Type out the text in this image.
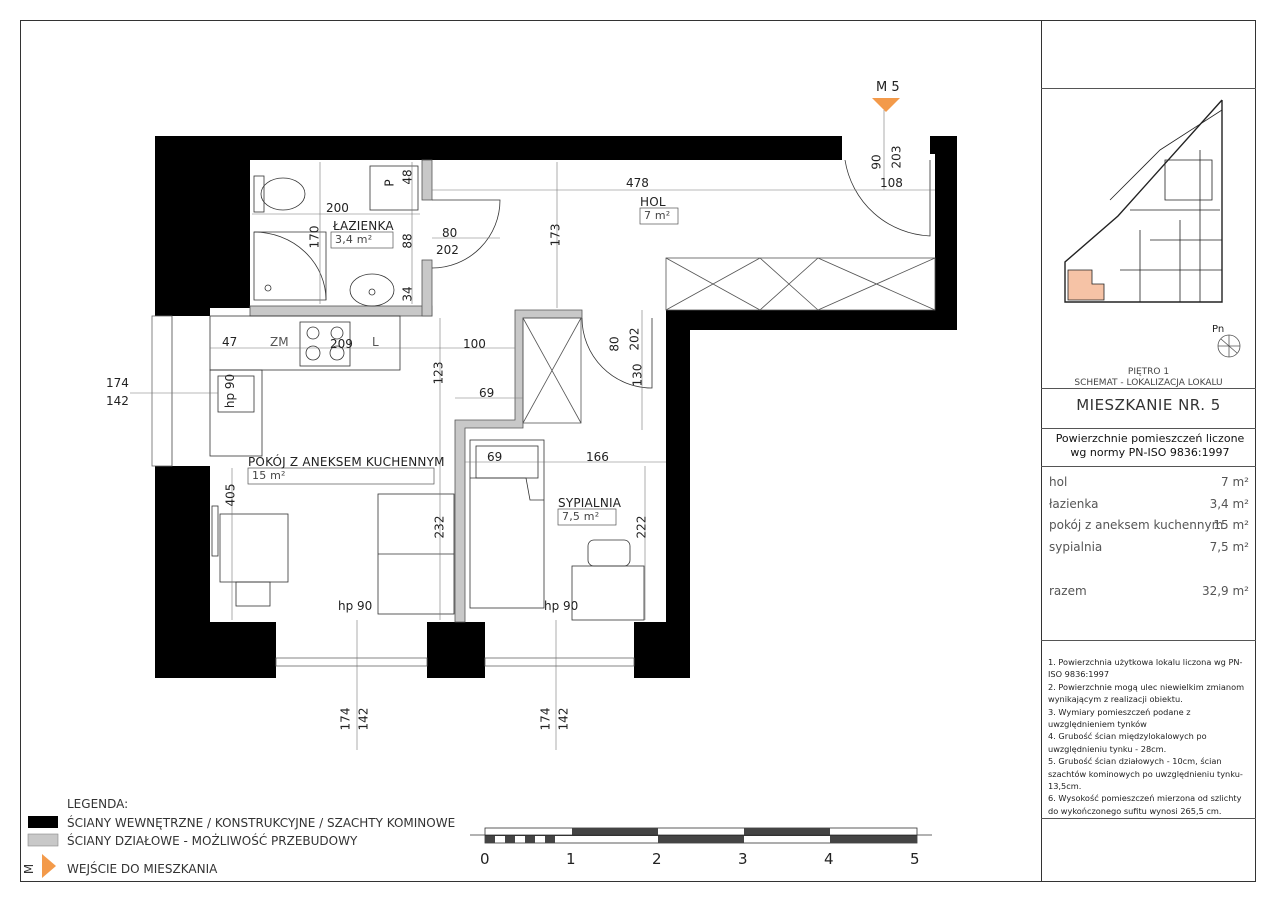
M 5
ŁAZIENKA
3,4 m²
HOL
7 m²
POKÓJ Z ANEKSEM KUCHENNYM
15 m²
SYPIALNIA
7,5 m²
200
170	80
202
88
34
48	478	108
90 203
173
80 202
130
47	209	100
123
69
69	166
405
232	222
174
142
174 142	174 142
P
ZM	L
hp 90
hp 90	hp 90
PIĘTRO 1
SCHEMAT - LOKALIZACJA LOKALU
Pn
MIESZKANIE NR. 5
Powierzchnie pomieszczeń liczone wg normy PN-ISO 9836:1997
hol	7 m²
łazienka	3,4 m²
pokój z aneksem kuchennym
15 m²
sypialnia	7,5 m²
razem	32,9 m²
1. Powierzchnia użytkowa lokalu liczona wg PN-ISO 9836:1997
2. Powierzchnie mogą ulec niewielkim zmianom wynikającym z realizacji obiektu.
3. Wymiary pomieszczeń podane z uwzględnieniem tynków
4. Grubość ścian międzylokalowych po uwzględnieniu tynku - 28cm.
5. Grubość ścian działowych - 10cm, ścian szachtów kominowych po uwzględnieniu tynku- 13,5cm.
6. Wysokość pomieszczeń mierzona od szlichty do wykończonego sufitu wynosi 265,5 cm.
LEGENDA:
ŚCIANY WEWNĘTRZNE / KONSTRUKCYJNE / SZACHTY KOMINOWE
ŚCIANY DZIAŁOWE - MOŻLIWOŚĆ PRZEBUDOWY
WEJŚCIE DO MIESZKANIA
M
0	1	2	3	4	5
